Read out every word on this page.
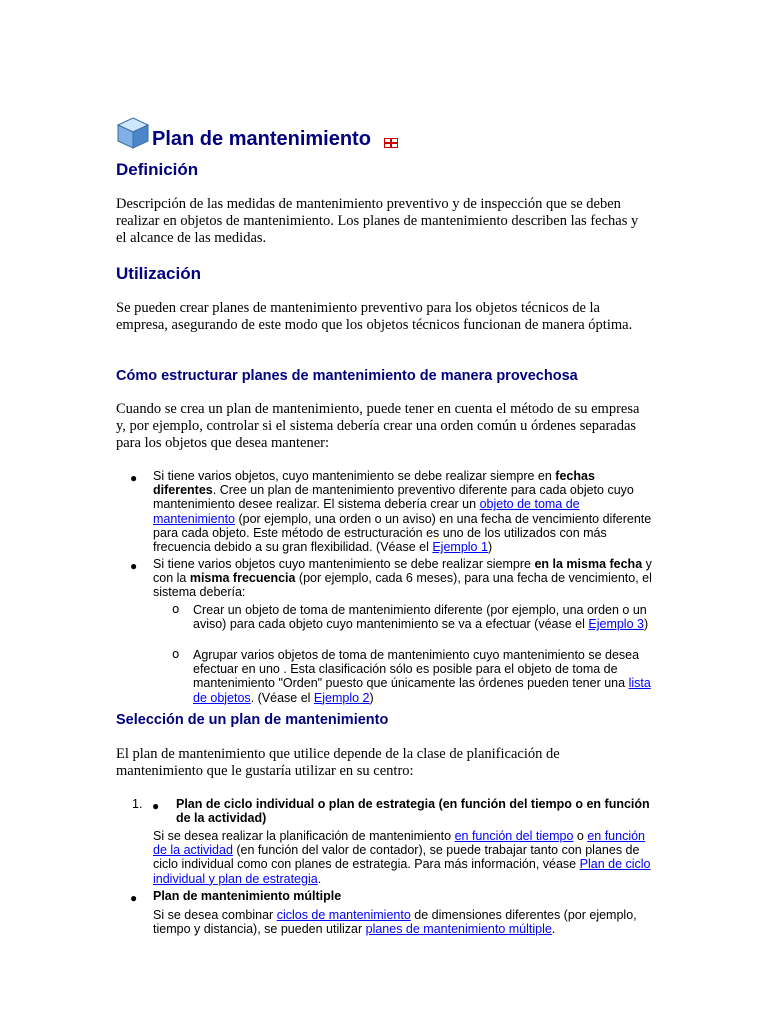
Plan de mantenimiento
Definición

Descripción de las medidas de mantenimiento preventivo y de inspección que se deben realizar en objetos de mantenimiento. Los planes de mantenimiento describen las fechas y el alcance de las medidas.

Utilización

Se pueden crear planes de mantenimiento preventivo para los objetos técnicos de la empresa, asegurando de este modo que los objetos técnicos funcionan de manera óptima.

Cómo estructurar planes de mantenimiento de manera provechosa

Cuando se crea un plan de mantenimiento, puede tener en cuenta el método de su empresa y, por ejemplo, controlar si el sistema debería crear una orden común u órdenes separadas para los objetos que desea mantener:

● Si tiene varios objetos, cuyo mantenimiento se debe realizar siempre en fechas diferentes. Cree un plan de mantenimiento preventivo diferente para cada objeto cuyo mantenimiento desee realizar. El sistema debería crear un objeto de toma de mantenimiento (por ejemplo, una orden o un aviso) en una fecha de vencimiento diferente para cada objeto. Este método de estructuración es uno de los utilizados con más frecuencia debido a su gran flexibilidad. (Véase el Ejemplo 1)
● Si tiene varios objetos cuyo mantenimiento se debe realizar siempre en la misma fecha y con la misma frecuencia (por ejemplo, cada 6 meses), para una fecha de vencimiento, el sistema debería:
o Crear un objeto de toma de mantenimiento diferente (por ejemplo, una orden o un aviso) para cada objeto cuyo mantenimiento se va a efectuar (véase el Ejemplo 3)
o Agrupar varios objetos de toma de mantenimiento cuyo mantenimiento se desea efectuar en uno . Esta clasificación sólo es posible para el objeto de toma de mantenimiento "Orden" puesto que únicamente las órdenes pueden tener una lista de objetos. (Véase el Ejemplo 2)
Selección de un plan de mantenimiento

El plan de mantenimiento que utilice depende de la clase de planificación de mantenimiento que le gustaría utilizar en su centro:

1. ● Plan de ciclo individual o plan de estrategia (en función del tiempo o en función de la actividad)
Si se desea realizar la planificación de mantenimiento en función del tiempo o en función de la actividad (en función del valor de contador), se puede trabajar tanto con planes de ciclo individual como con planes de estrategia. Para más información, véase Plan de ciclo individual y plan de estrategia.
● Plan de mantenimiento múltiple
Si se desea combinar ciclos de mantenimiento de dimensiones diferentes (por ejemplo, tiempo y distancia), se pueden utilizar planes de mantenimiento múltiple.
